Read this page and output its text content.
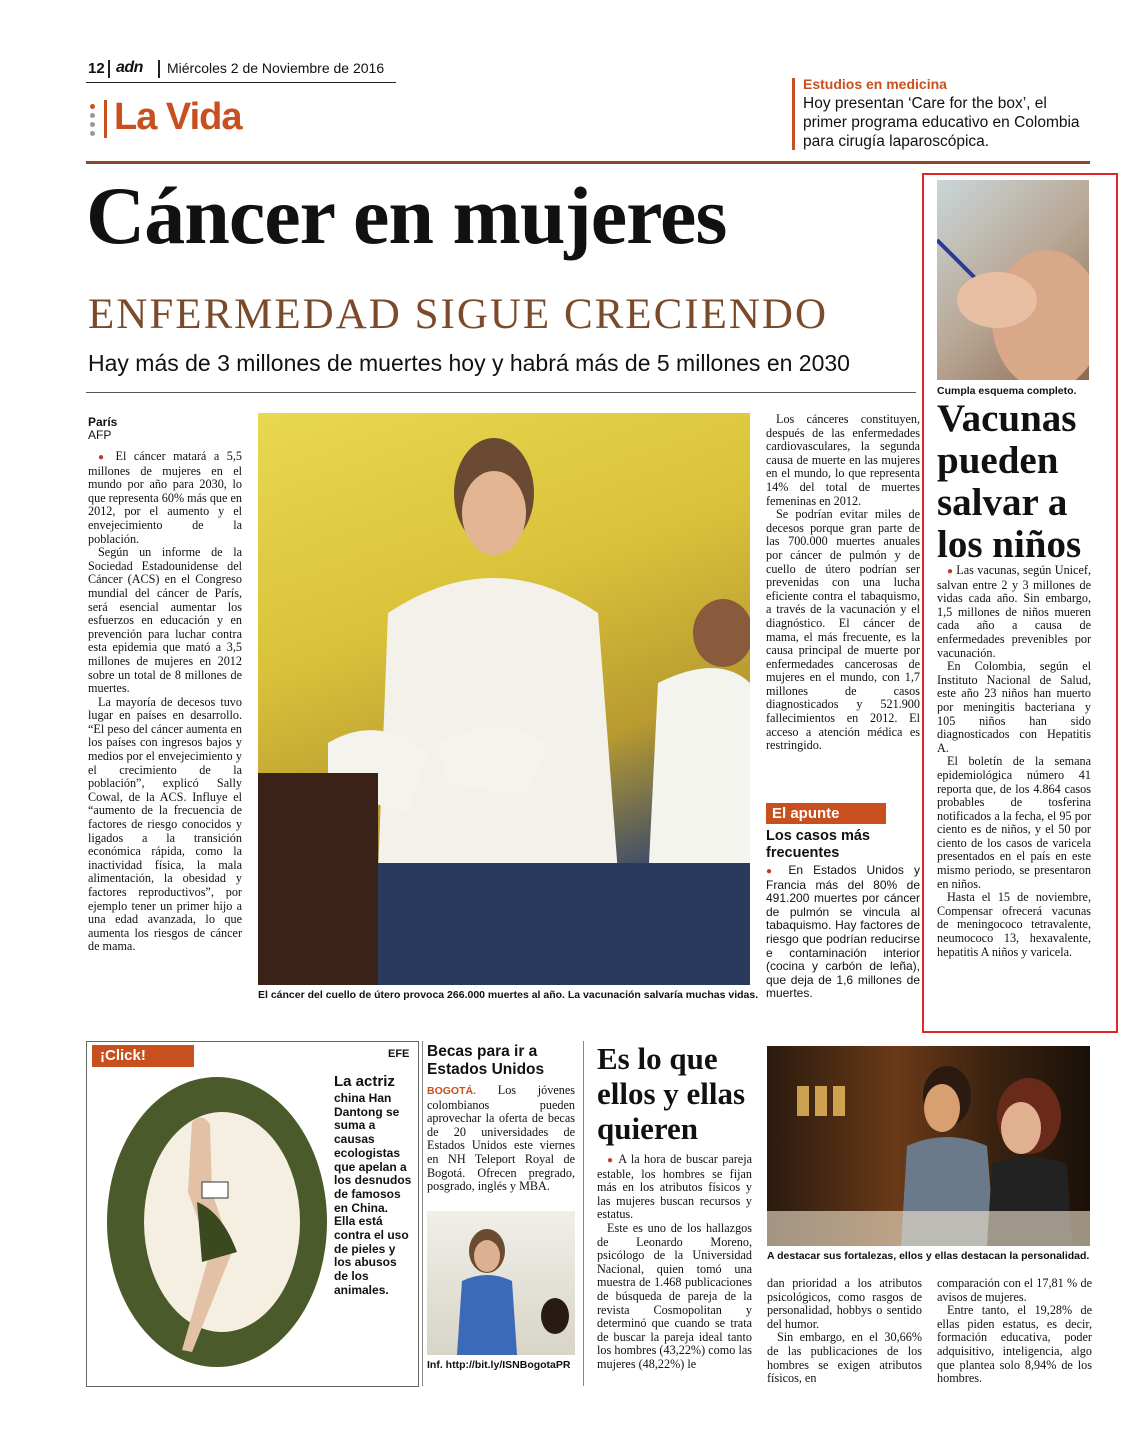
12 adn Miércoles 2 de Noviembre de 2016
La Vida
Estudios en medicina
Hoy presentan ‘Care for the box’, el primer programa educativo en Colombia para cirugía laparoscópica.
Cáncer en mujeres
ENFERMEDAD SIGUE CRECIENDO
Hay más de 3 millones de muertes hoy y habrá más de 5 millones en 2030
París
AFP

● El cáncer matará a 5,5 millones de mujeres en el mundo por año para 2030, lo que representa 60% más que en 2012, por el aumento y el envejecimiento de la población.

Según un informe de la Sociedad Estadounidense del Cáncer (ACS) en el Congreso mundial del cáncer de París, será esencial aumentar los esfuerzos en educación y en prevención para luchar contra esta epidemia que mató a 3,5 millones de mujeres en 2012 sobre un total de 8 millones de muertes.

La mayoría de decesos tuvo lugar en países en desarrollo. “El peso del cáncer aumenta en los países con ingresos bajos y medios por el envejecimiento y el crecimiento de la población”, explicó Sally Cowal, de la ACS. Influye el “aumento de la frecuencia de factores de riesgo conocidos y ligados a la transición económica rápida, como la inactividad física, la mala alimentación, la obesidad y factores reproductivos”, por ejemplo tener un primer hijo a una edad avanzada, lo que aumenta los riesgos de cáncer de mama.

El cáncer del cuello de útero provoca 266.000 muertes al año. La vacunación salvaría muchas vidas.

Los cánceres constituyen, después de las enfermedades cardiovasculares, la segunda causa de muerte en las mujeres en el mundo, lo que representa 14% del total de muertes femeninas en 2012.

Se podrían evitar miles de decesos porque gran parte de las 700.000 muertes anuales por cáncer de pulmón y de cuello de útero podrían ser prevenidas con una lucha eficiente contra el tabaquismo, a través de la vacunación y el diagnóstico. El cáncer de mama, el más frecuente, es la causa principal de muerte por enfermedades cancerosas de mujeres en el mundo, con 1,7 millones de casos diagnosticados y 521.900 fallecimientos en 2012. El acceso a atención médica es restringido.

El apunte
Los casos más frecuentes
● En Estados Unidos y Francia más del 80% de 491.200 muertes por cáncer de pulmón se vincula al tabaquismo. Hay factores de riesgo que podrían reducirse e contaminación interior (cocina y carbón de leña), que deja de 1,6 millones de muertes.
Cumpla esquema completo.
Vacunas pueden salvar a los niños

● Las vacunas, según Unicef, salvan entre 2 y 3 millones de vidas cada año. Sin embargo, 1,5 millones de niños mueren cada año a causa de enfermedades prevenibles por vacunación.

En Colombia, según el Instituto Nacional de Salud, este año 23 niños han muerto por meningitis bacteriana y 105 niños han sido diagnosticados con Hepatitis A.

El boletín de la semana epidemiológica número 41 reporta que, de los 4.864 casos probables de tosferina notificados a la fecha, el 95 por ciento es de niños, y el 50 por ciento de los casos de varicela presentados en el país en este mismo periodo, se presentaron en niños.

Hasta el 15 de noviembre, Compensar ofrecerá vacunas de meningococo tetravalente, neumococo 13, hexavalente, hepatitis A niños y varicela.

¡Click!	EFE
La actriz
china Han Dantong se suma a causas ecologistas que apelan a los desnudos de famosos en China. Ella está contra el uso de pieles y los abusos de los animales.
Becas para ir a Estados Unidos
BOGOTÁ. Los jóvenes colombianos pueden aprovechar la oferta de becas de 20 universidades de Estados Unidos este viernes en NH Teleport Royal de Bogotá. Ofrecen pregrado, posgrado, inglés y MBA.
Inf. http://bit.ly/ISNBogotaPR
Es lo que ellos y ellas quieren
A destacar sus fortalezas, ellos y ellas destacan la personalidad.

● A la hora de buscar pareja estable, los hombres se fijan más en los atributos físicos y las mujeres buscan recursos y estatus.

Este es uno de los hallazgos de Leonardo Moreno, psicólogo de la Universidad Nacional, quien tomó una muestra de 1.468 publicaciones de búsqueda de pareja de la revista Cosmopolitan y determinó que cuando se trata de buscar la pareja ideal tanto los hombres (43,22%) como las mujeres (48,22%) le

dan prioridad a los atributos psicológicos, como rasgos de personalidad, hobbys o sentido del humor.

Sin embargo, en el 30,66% de las publicaciones de los hombres se exigen atributos físicos, en

comparación con el 17,81 % de avisos de mujeres.

Entre tanto, el 19,28% de ellas piden estatus, es decir, formación educativa, poder adquisitivo, inteligencia, algo que plantea solo 8,94% de los hombres.
